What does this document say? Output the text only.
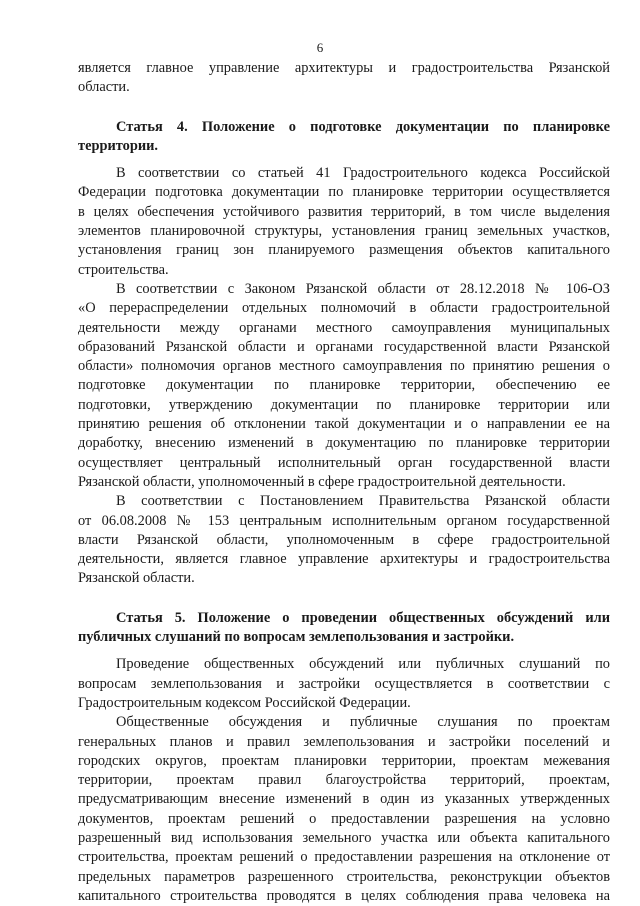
6
является главное управление архитектуры и градостроительства Рязанской
области.
Статья 4. Положение о подготовке документации по планировке
территории.
В соответствии со статьей 41 Градостроительного кодекса Российской
Федерации подготовка документации по планировке территории осуществляется
в целях обеспечения устойчивого развития территорий, в том числе выделения
элементов планировочной структуры, установления границ земельных участков,
установления границ зон планируемого размещения объектов капитального
строительства.
В соответствии с Законом Рязанской области от 28.12.2018 № 106-ОЗ
«О перераспределении отдельных полномочий в области градостроительной
деятельности между органами местного самоуправления муниципальных
образований Рязанской области и органами государственной власти Рязанской
области» полномочия органов местного самоуправления по принятию решения о
подготовке документации по планировке территории, обеспечению ее
подготовки, утверждению документации по планировке территории или
принятию решения об отклонении такой документации и о направлении ее на
доработку, внесению изменений в документацию по планировке территории
осуществляет центральный исполнительный орган государственной власти
Рязанской области, уполномоченный в сфере градостроительной деятельности.
В соответствии с Постановлением Правительства Рязанской области
от 06.08.2008 № 153 центральным исполнительным органом государственной
власти Рязанской области, уполномоченным в сфере градостроительной
деятельности, является главное управление архитектуры и градостроительства
Рязанской области.
Статья 5. Положение о проведении общественных обсуждений или
публичных слушаний по вопросам землепользования и застройки.
Проведение общественных обсуждений или публичных слушаний по
вопросам землепользования и застройки осуществляется в соответствии с
Градостроительным кодексом Российской Федерации.
Общественные обсуждения и публичные слушания по проектам
генеральных планов и правил землепользования и застройки поселений и
городских округов, проектам планировки территории, проектам межевания
территории, проектам правил благоустройства территорий, проектам,
предусматривающим внесение изменений в один из указанных утвержденных
документов, проектам решений о предоставлении разрешения на условно
разрешенный вид использования земельного участка или объекта капитального
строительства, проектам решений о предоставлении разрешения на отклонение от
предельных параметров разрешенного строительства, реконструкции объектов
капитального строительства проводятся в целях соблюдения права человека на
